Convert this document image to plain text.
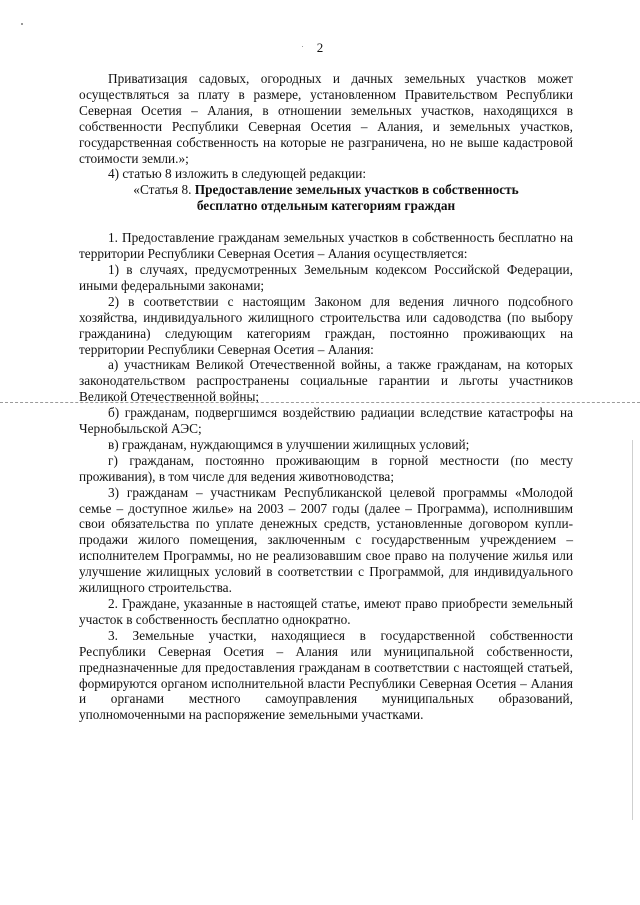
2

Приватизация садовых, огородных и дачных земельных участков может осуществляться за плату в размере, установленном Правительством Республики Северная Осетия – Алания, в отношении земельных участков, находящихся в собственности Республики Северная Осетия – Алания, и земельных участков, государственная собственность на которые не разграничена, но не выше кадастровой стоимости земли.»;

4) статью 8 изложить в следующей редакции:

«Статья 8. Предоставление земельных участков в собственность
бесплатно отдельным категориям граждан

1. Предоставление гражданам земельных участков в собственность бесплатно на территории Республики Северная Осетия – Алания осуществляется:

1) в случаях, предусмотренных Земельным кодексом Российской Федерации, иными федеральными законами;

2) в соответствии с настоящим Законом для ведения личного подсобного хозяйства, индивидуального жилищного строительства или садоводства (по выбору гражданина) следующим категориям граждан, постоянно проживающих на территории Республики Северная Осетия – Алания:

а) участникам Великой Отечественной войны, а также гражданам, на которых законодательством распространены социальные гарантии и льготы участников Великой Отечественной войны;

б) гражданам, подвергшимся воздействию радиации вследствие катастрофы на Чернобыльской АЭС;

в) гражданам, нуждающимся в улучшении жилищных условий;

г) гражданам, постоянно проживающим в горной местности (по месту проживания), в том числе для ведения животноводства;

3) гражданам – участникам Республиканской целевой программы «Молодой семье – доступное жилье» на 2003 – 2007 годы (далее – Программа), исполнившим свои обязательства по уплате денежных средств, установленные договором купли-продажи жилого помещения, заключенным с государственным учреждением – исполнителем Программы, но не реализовавшим свое право на получение жилья или улучшение жилищных условий в соответствии с Программой, для индивидуального жилищного строительства.

2. Граждане, указанные в настоящей статье, имеют право приобрести земельный участок в собственность бесплатно однократно.

3. Земельные участки, находящиеся в государственной собственности Республики Северная Осетия – Алания или муниципальной собственности, предназначенные для предоставления гражданам в соответствии с настоящей статьей, формируются органом исполнительной власти Республики Северная Осетия – Алания и органами местного самоуправления муниципальных образований, уполномоченными на распоряжение земельными участками.
